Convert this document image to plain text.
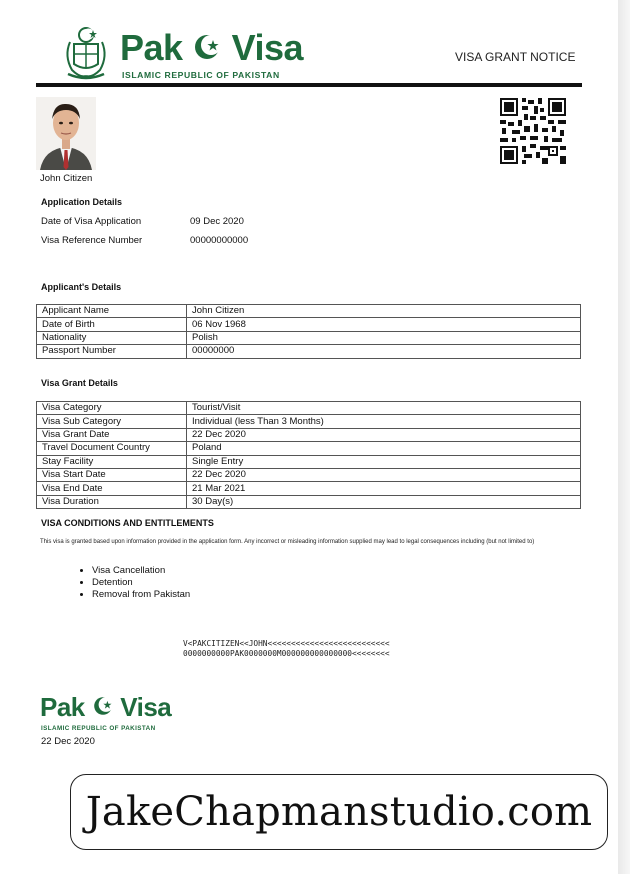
Pak Visa
ISLAMIC REPUBLIC OF PAKISTAN
VISA GRANT NOTICE
John Citizen
Application Details
Date of Visa Application	09 Dec 2020
Visa Reference Number	00000000000
Applicant's Details
Applicant Name	John Citizen
Date of Birth	06 Nov 1968
Nationality	Polish
Passport Number	00000000
Visa Grant Details
Visa Category	Tourist/Visit
Visa Sub Category	Individual (less Than 3 Months)
Visa Grant Date	22 Dec 2020
Travel Document Country	Poland
Stay Facility	Single Entry
Visa Start Date	22 Dec 2020
Visa End Date	21 Mar 2021
Visa Duration	30 Day(s)
VISA CONDITIONS AND ENTITLEMENTS
This visa is granted based upon information provided in the application form. Any incorrect or misleading information supplied may lead to legal consequences including (but not limited to)
• Visa Cancellation
• Detention
• Removal from Pakistan
V<PAKCITIZEN<<JOHN<<<<<<<<<<<<<<<<<<<<<<<<<<
0000000000PAK0000000M000000000000000<<<<<<<<
Pak Visa
ISLAMIC REPUBLIC OF PAKISTAN
22 Dec 2020
JakeChapmanstudio.com
